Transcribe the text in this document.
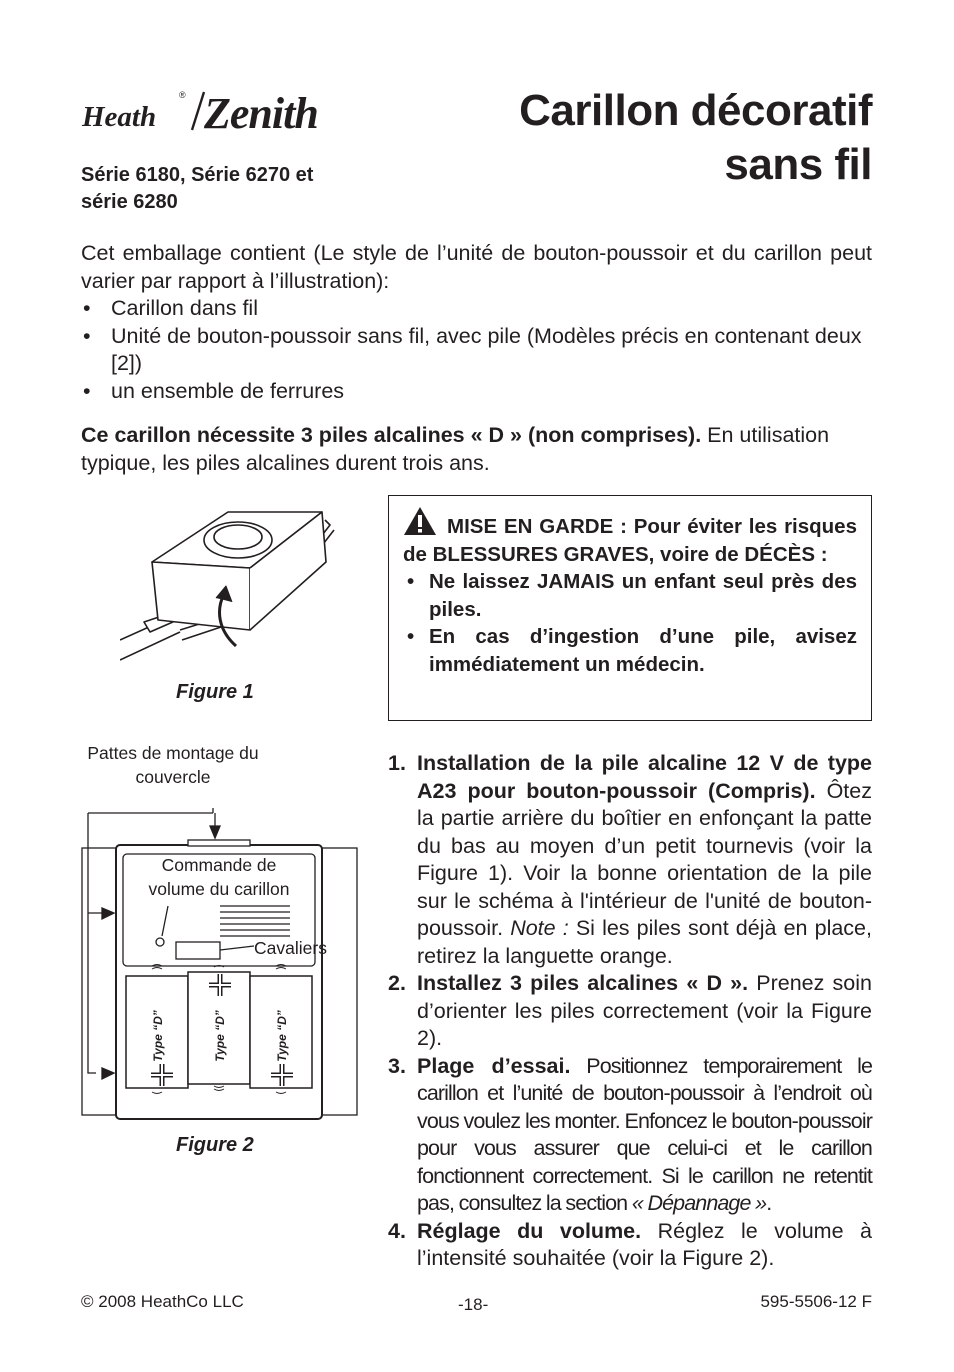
Heath
® Zenith	Carillon décoratif
sans fil
Série 6180, Série 6270 et
série 6280

Cet emballage contient (Le style de l’unité de bouton-poussoir et du carillon peut varier par rapport à l’illustration):

• Carillon dans fil
• Unité de bouton-poussoir sans fil, avec pile (Modèles précis en contenant deux [2])
• un ensemble de ferrures

Ce carillon nécessite 3 piles alcalines « D » (non comprises). En utilisation typique, les piles alcalines durent trois ans.

Figure 1
Type “D”	Type “D”	Type “D”
Pattes de montage du couvercle
Commande de volume du carillon
Cavaliers
Figure 2

MISE EN GARDE : Pour éviter les risques de BLESSURES GRAVES, voire de DÉCÈS :

• Ne laissez JAMAIS un enfant seul près des piles.
• En cas d’ingestion d’une pile, avisez immédiatement un médecin.
1. Installation de la pile alcaline 12 V de type A23 pour bouton-poussoir (Compris). Ôtez la partie arrière du boîtier en enfonçant la patte du bas au moyen d’un petit tournevis (voir la Figure 1). Voir la bonne orientation de la pile sur le schéma à l'intérieur de l'unité de bouton-poussoir. Note : Si les piles sont déjà en place, retirez la languette orange.
2. Installez 3 piles alcalines « D ». Prenez soin d’orienter les piles correctement (voir la Figure 2).
3. Plage d’essai. Positionnez temporairement le carillon et l’unité de bouton-poussoir à l’endroit où vous voulez les monter. Enfoncez le bouton-poussoir pour vous assurer que celui-ci et le carillon fonctionnent correctement. Si le carillon ne retentit pas, consultez la section « Dépannage ».
4. Réglage du volume. Réglez le volume à l’intensité souhaitée (voir la Figure 2).
© 2008 HeathCo LLC	-18-	595-5506-12 F
